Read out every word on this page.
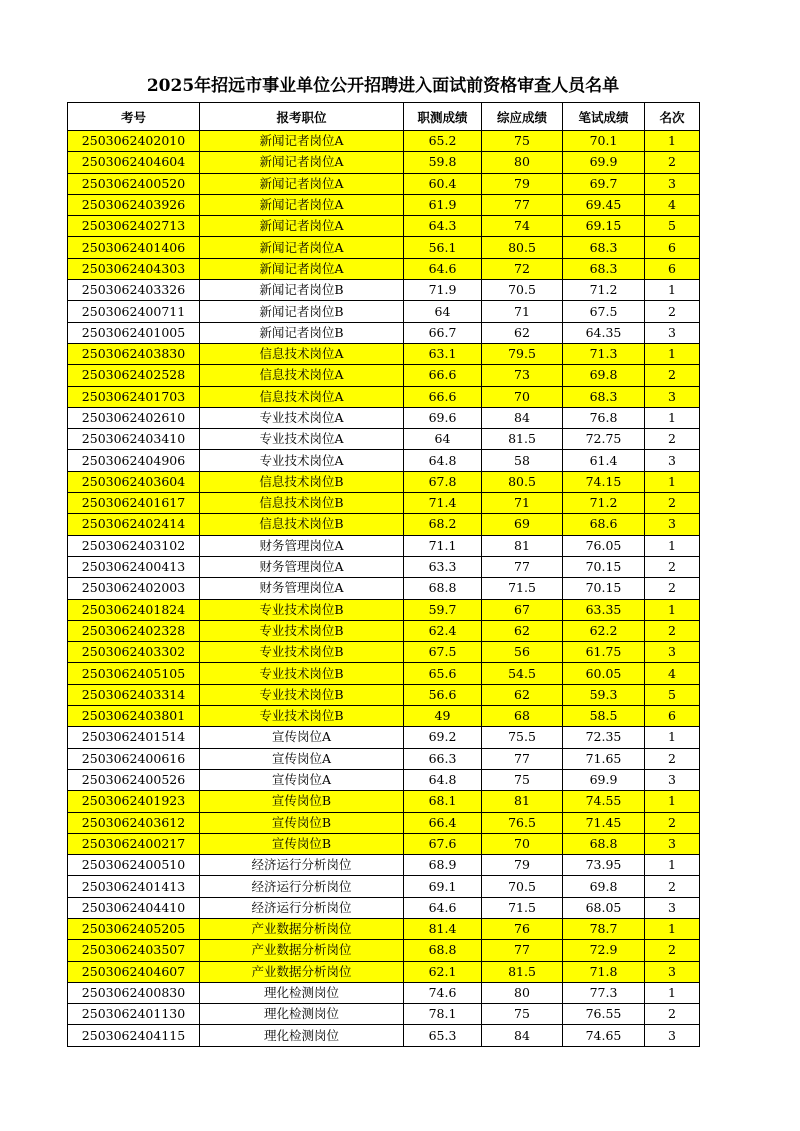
2025年招远市事业单位公开招聘进入面试前资格审查人员名单
考号	报考职位	职测成绩	综应成绩	笔试成绩	名次
2503062402010	新闻记者岗位A	65.2	75	70.1	1
2503062404604	新闻记者岗位A	59.8	80	69.9	2
2503062400520	新闻记者岗位A	60.4	79	69.7	3
2503062403926	新闻记者岗位A	61.9	77	69.45	4
2503062402713	新闻记者岗位A	64.3	74	69.15	5
2503062401406	新闻记者岗位A	56.1	80.5	68.3	6
2503062404303	新闻记者岗位A	64.6	72	68.3	6
2503062403326	新闻记者岗位B	71.9	70.5	71.2	1
2503062400711	新闻记者岗位B	64	71	67.5	2
2503062401005	新闻记者岗位B	66.7	62	64.35	3
2503062403830	信息技术岗位A	63.1	79.5	71.3	1
2503062402528	信息技术岗位A	66.6	73	69.8	2
2503062401703	信息技术岗位A	66.6	70	68.3	3
2503062402610	专业技术岗位A	69.6	84	76.8	1
2503062403410	专业技术岗位A	64	81.5	72.75	2
2503062404906	专业技术岗位A	64.8	58	61.4	3
2503062403604	信息技术岗位B	67.8	80.5	74.15	1
2503062401617	信息技术岗位B	71.4	71	71.2	2
2503062402414	信息技术岗位B	68.2	69	68.6	3
2503062403102	财务管理岗位A	71.1	81	76.05	1
2503062400413	财务管理岗位A	63.3	77	70.15	2
2503062402003	财务管理岗位A	68.8	71.5	70.15	2
2503062401824	专业技术岗位B	59.7	67	63.35	1
2503062402328	专业技术岗位B	62.4	62	62.2	2
2503062403302	专业技术岗位B	67.5	56	61.75	3
2503062405105	专业技术岗位B	65.6	54.5	60.05	4
2503062403314	专业技术岗位B	56.6	62	59.3	5
2503062403801	专业技术岗位B	49	68	58.5	6
2503062401514	宣传岗位A	69.2	75.5	72.35	1
2503062400616	宣传岗位A	66.3	77	71.65	2
2503062400526	宣传岗位A	64.8	75	69.9	3
2503062401923	宣传岗位B	68.1	81	74.55	1
2503062403612	宣传岗位B	66.4	76.5	71.45	2
2503062400217	宣传岗位B	67.6	70	68.8	3
2503062400510	经济运行分析岗位	68.9	79	73.95	1
2503062401413	经济运行分析岗位	69.1	70.5	69.8	2
2503062404410	经济运行分析岗位	64.6	71.5	68.05	3
2503062405205	产业数据分析岗位	81.4	76	78.7	1
2503062403507	产业数据分析岗位	68.8	77	72.9	2
2503062404607	产业数据分析岗位	62.1	81.5	71.8	3
2503062400830	理化检测岗位	74.6	80	77.3	1
2503062401130	理化检测岗位	78.1	75	76.55	2
2503062404115	理化检测岗位	65.3	84	74.65	3
